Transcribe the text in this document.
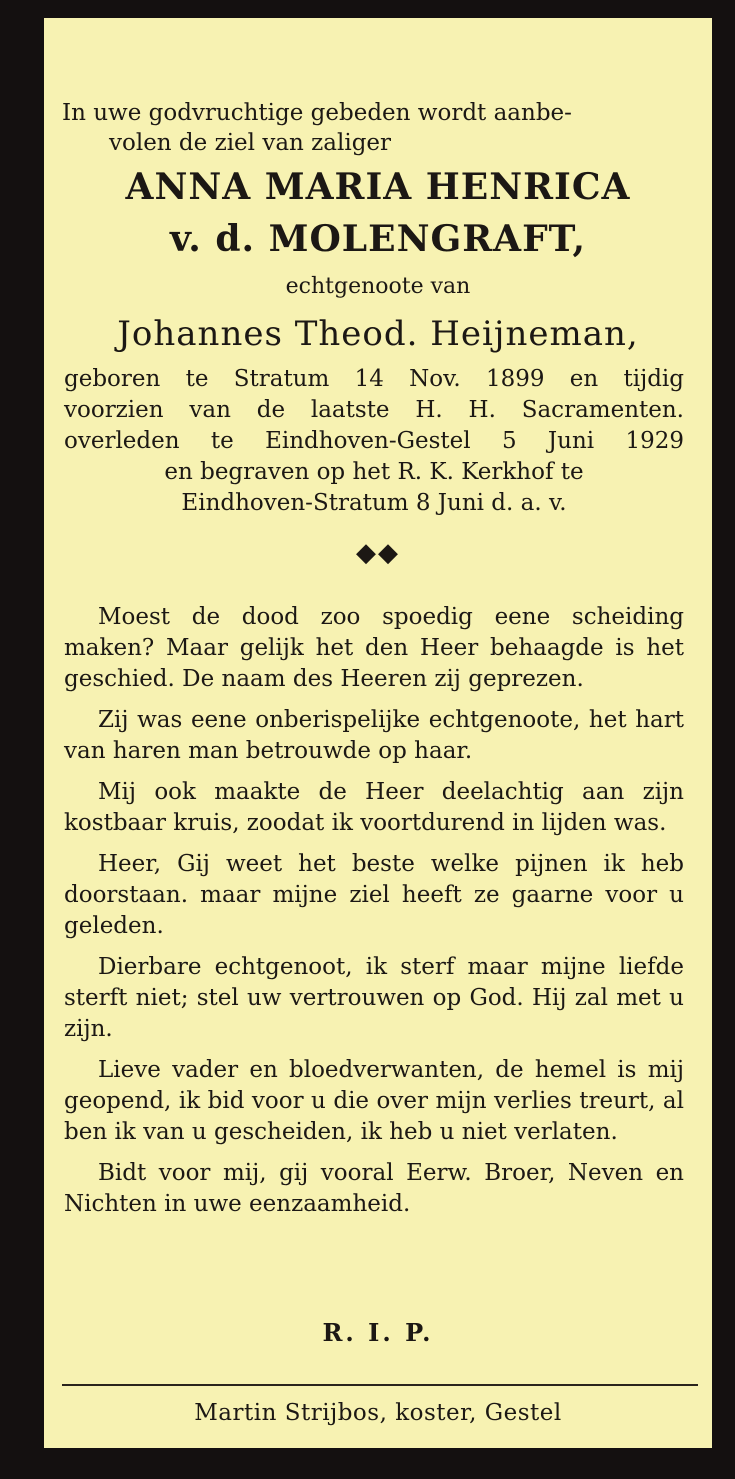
In uwe godvruchtige gebeden wordt aanbe-
volen de ziel van zaliger
ANNA MARIA HENRICA
v. d. MOLENGRAFT,
echtgenoote van
Johannes Theod. Heijneman,
geboren te Stratum 14 Nov. 1899 en tijdig
voorzien van de laatste H. H. Sacramenten.
overleden te Eindhoven-Gestel 5 Juni 1929
en begraven op het R. K. Kerkhof te
Eindhoven-Stratum 8 Juni d. a. v.
◆◆
Moest de dood zoo spoedig eene scheiding maken? Maar gelijk het den Heer behaagde is het geschied. De naam des Heeren zij geprezen.
Zij was eene onberispelijke echtgenoote, het hart van haren man betrouwde op haar.
Mij ook maakte de Heer deelachtig aan zijn kostbaar kruis, zoodat ik voortdurend in lijden was.
Heer, Gij weet het beste welke pijnen ik heb doorstaan. maar mijne ziel heeft ze gaarne voor u geleden.
Dierbare echtgenoot, ik sterf maar mijne liefde sterft niet; stel uw vertrouwen op God. Hij zal met u zijn.
Lieve vader en bloedverwanten, de hemel is mij geopend, ik bid voor u die over mijn verlies treurt, al ben ik van u gescheiden, ik heb u niet verlaten.
Bidt voor mij, gij vooral Eerw. Broer, Neven en Nichten in uwe eenzaamheid.
R. I. P.
Martin Strijbos, koster, Gestel
